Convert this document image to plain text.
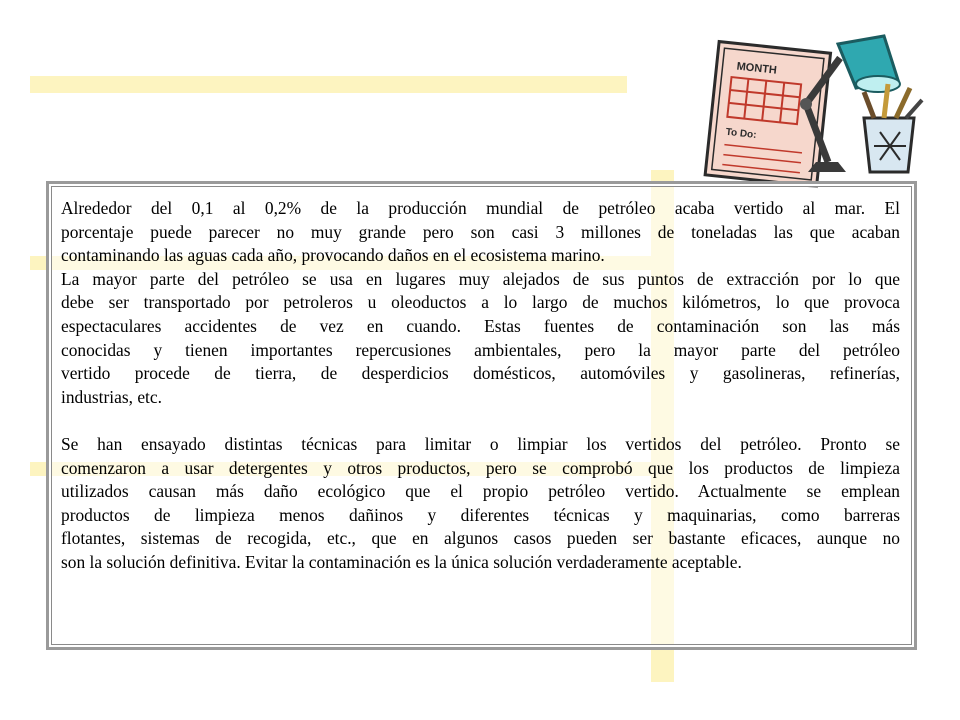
MONTH
To Do:
Alrededor del 0,1 al 0,2% de la producción mundial de petróleo acaba vertido al mar. El
porcentaje puede parecer no muy grande pero son casi 3 millones de toneladas las que acaban
contaminando las aguas cada año, provocando daños en el ecosistema marino.
La mayor parte del petróleo se usa en lugares muy alejados de sus puntos de extracción por lo que
debe ser transportado por petroleros u oleoductos a lo largo de muchos kilómetros, lo que provoca
espectaculares accidentes de vez en cuando. Estas fuentes de contaminación son las más
conocidas y tienen importantes repercusiones ambientales, pero la mayor parte del petróleo
vertido procede de tierra, de desperdicios domésticos, automóviles y gasolineras, refinerías,
industrias, etc.
Se han ensayado distintas técnicas para limitar o limpiar los vertidos del petróleo. Pronto se
comenzaron a usar detergentes y otros productos, pero se comprobó que los productos de limpieza
utilizados causan más daño ecológico que el propio petróleo vertido. Actualmente se emplean
productos de limpieza menos dañinos y diferentes técnicas y maquinarias, como barreras
flotantes, sistemas de recogida, etc., que en algunos casos pueden ser bastante eficaces, aunque no
son la solución definitiva. Evitar la contaminación es la única solución verdaderamente aceptable.
